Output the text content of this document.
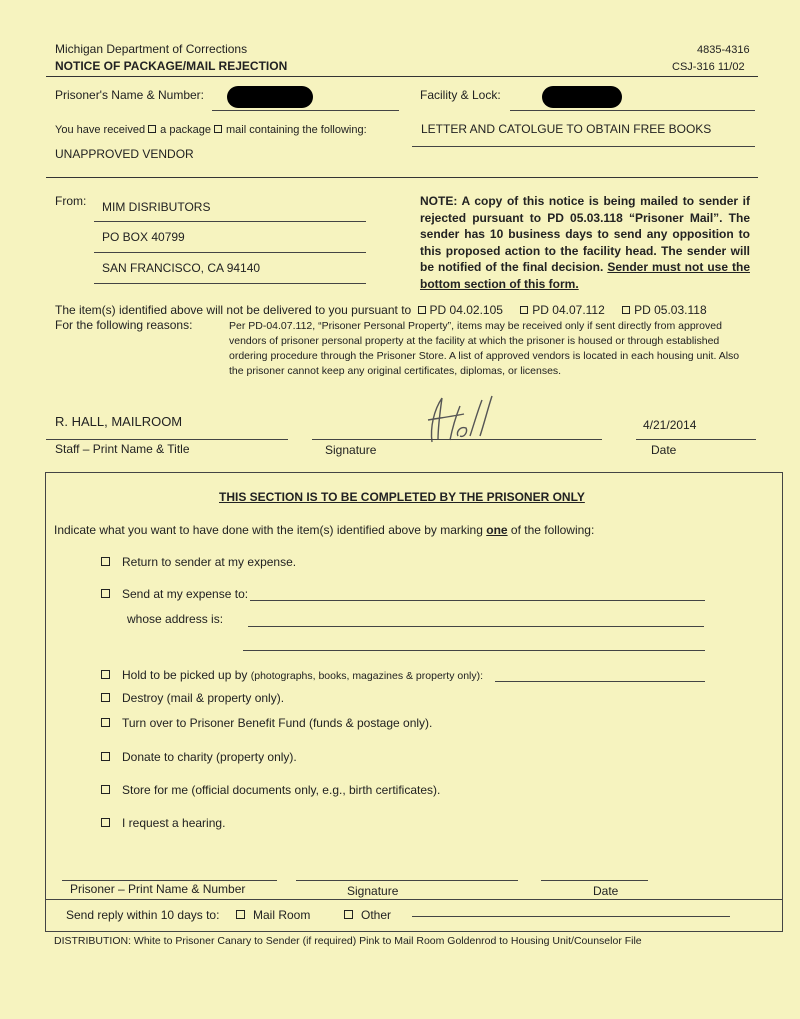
Michigan Department of Corrections
NOTICE OF PACKAGE/MAIL REJECTION
4835-4316
CSJ-316 11/02
Prisoner's Name & Number:	Facility & Lock:
You have received a package mail containing the following:	LETTER AND CATOLGUE TO OBTAIN FREE BOOKS
UNAPPROVED VENDOR
From: MIM DISRIBUTORS
PO BOX 40799
SAN FRANCISCO, CA 94140
NOTE: A copy of this notice is being mailed to sender if rejected pursuant to PD 05.03.118 “Prisoner Mail”. The sender has 10 business days to send any opposition to this proposed action to the facility head. The sender will be notified of the final decision. Sender must not use the bottom section of this form.
The item(s) identified above will not be delivered to you pursuant to PD 04.02.105 PD 04.07.112 PD 05.03.118
For the following reasons:	Per PD-04.07.112, “Prisoner Personal Property”, items may be received only if sent directly from approved vendors of prisoner personal property at the facility at which the prisoner is housed or through established ordering procedure through the Prisoner Store. A list of approved vendors is located in each housing unit. Also the prisoner cannot keep any original certificates, diplomas, or licenses.
R. HALL, MAILROOM
Staff – Print Name & Title	Signature
4/21/2014
Date
THIS SECTION IS TO BE COMPLETED BY THE PRISONER ONLY
Indicate what you want to have done with the item(s) identified above by marking one of the following:
Return to sender at my expense.
Send at my expense to:
whose address is:
Hold to be picked up by (photographs, books, magazines & property only):
Destroy (mail & property only).
Turn over to Prisoner Benefit Fund (funds & postage only).
Donate to charity (property only).
Store for me (official documents only, e.g., birth certificates).
I request a hearing.
Prisoner – Print Name & Number	Signature	Date
Send reply within 10 days to:	Mail Room	Other
DISTRIBUTION: White to Prisoner Canary to Sender (if required) Pink to Mail Room Goldenrod to Housing Unit/Counselor File
